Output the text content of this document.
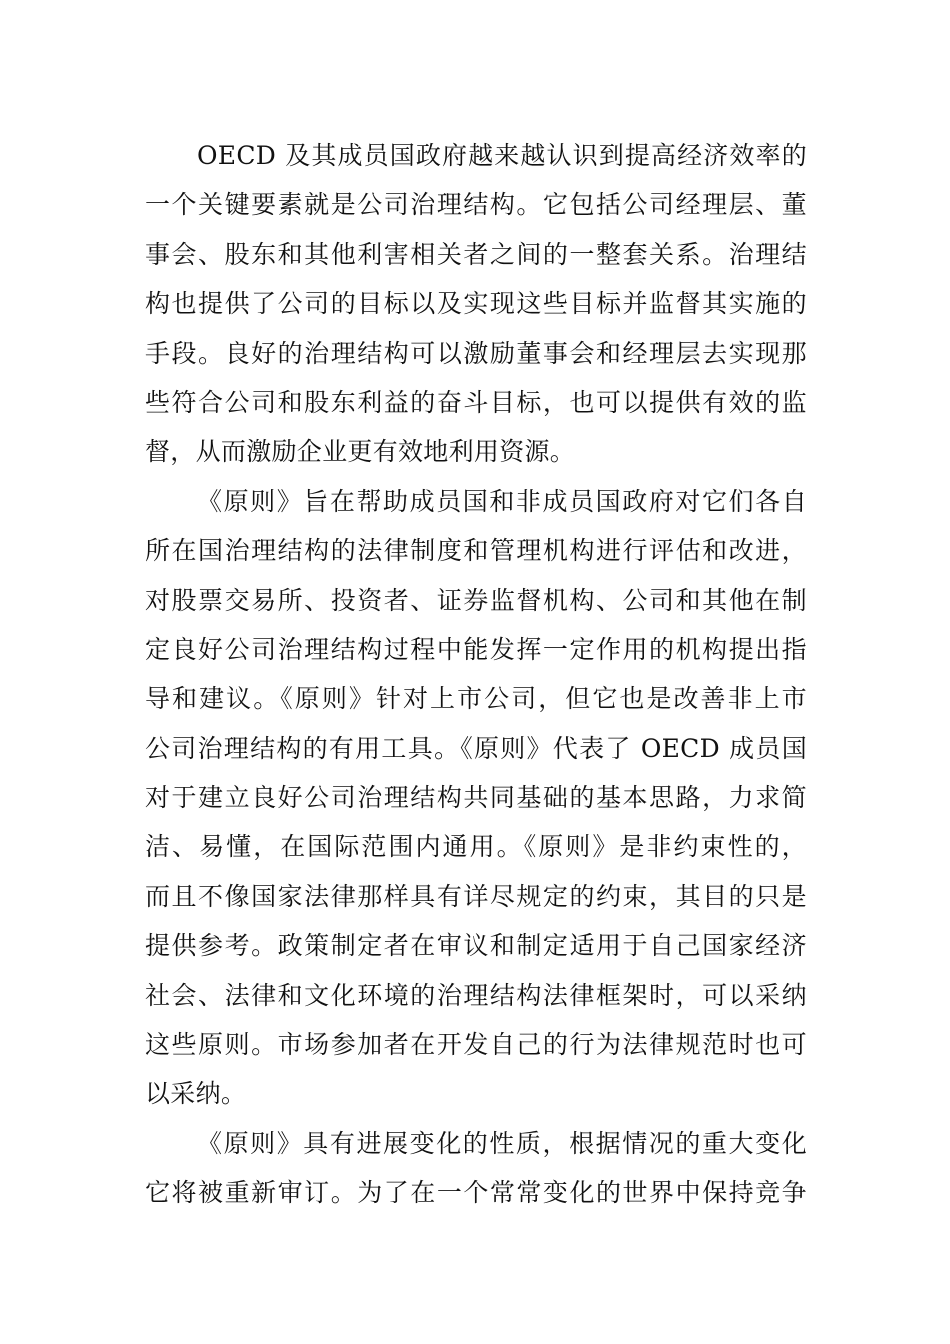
OECD 及其成员国政府越来越认识到提高经济效率的
一个关键要素就是公司治理结构。它包括公司经理层、董
事会、股东和其他利害相关者之间的一整套关系。治理结
构也提供了公司的目标以及实现这些目标并监督其实施的
手段。良好的治理结构可以激励董事会和经理层去实现那
些符合公司和股东利益的奋斗目标，也可以提供有效的监
督，从而激励企业更有效地利用资源。
《原则》旨在帮助成员国和非成员国政府对它们各自
所在国治理结构的法律制度和管理机构进行评估和改进，
对股票交易所、投资者、证券监督机构、公司和其他在制
定良好公司治理结构过程中能发挥一定作用的机构提出指
导和建议。《原则》针对上市公司，但它也是改善非上市
公司治理结构的有用工具。《原则》代表了 OECD 成员国
对于建立良好公司治理结构共同基础的基本思路，力求简
洁、易懂，在国际范围内通用。《原则》是非约束性的，
而且不像国家法律那样具有详尽规定的约束，其目的只是
提供参考。政策制定者在审议和制定适用于自己国家经济
社会、法律和文化环境的治理结构法律框架时，可以采纳
这些原则。市场参加者在开发自己的行为法律规范时也可
以采纳。
《原则》具有进展变化的性质，根据情况的重大变化
它将被重新审订。为了在一个常常变化的世界中保持竞争
